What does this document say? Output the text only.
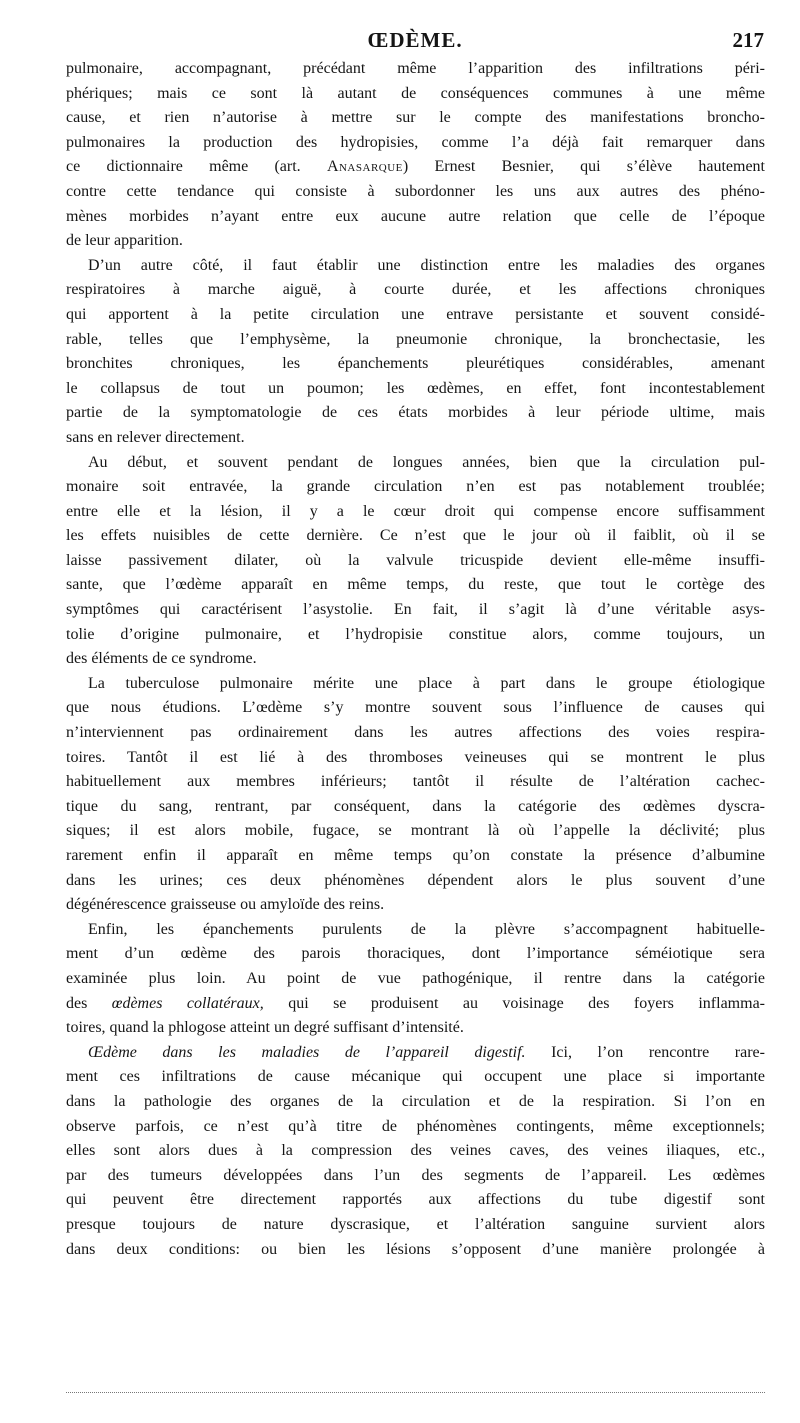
ŒDÈME.	217
pulmonaire, accompagnant, précédant même l’apparition des infiltrations péri-
phériques; mais ce sont là autant de conséquences communes à une même
cause, et rien n’autorise à mettre sur le compte des manifestations broncho-
pulmonaires la production des hydropisies, comme l’a déjà fait remarquer dans
ce dictionnaire même (art. Anasarque) Ernest Besnier, qui s’élève hautement
contre cette tendance qui consiste à subordonner les uns aux autres des phéno-
mènes morbides n’ayant entre eux aucune autre relation que celle de l’époque
de leur apparition.
D’un autre côté, il faut établir une distinction entre les maladies des organes
respiratoires à marche aiguë, à courte durée, et les affections chroniques
qui apportent à la petite circulation une entrave persistante et souvent considé-
rable, telles que l’emphysème, la pneumonie chronique, la bronchectasie, les
bronchites chroniques, les épanchements pleurétiques considérables, amenant
le collapsus de tout un poumon; les œdèmes, en effet, font incontestablement
partie de la symptomatologie de ces états morbides à leur période ultime, mais
sans en relever directement.
Au début, et souvent pendant de longues années, bien que la circulation pul-
monaire soit entravée, la grande circulation n’en est pas notablement troublée;
entre elle et la lésion, il y a le cœur droit qui compense encore suffisamment
les effets nuisibles de cette dernière. Ce n’est que le jour où il faiblit, où il se
laisse passivement dilater, où la valvule tricuspide devient elle-même insuffi-
sante, que l’œdème apparaît en même temps, du reste, que tout le cortège des
symptômes qui caractérisent l’asystolie. En fait, il s’agit là d’une véritable asys-
tolie d’origine pulmonaire, et l’hydropisie constitue alors, comme toujours, un
des éléments de ce syndrome.
La tuberculose pulmonaire mérite une place à part dans le groupe étiologique
que nous étudions. L’œdème s’y montre souvent sous l’influence de causes qui
n’interviennent pas ordinairement dans les autres affections des voies respira-
toires. Tantôt il est lié à des thromboses veineuses qui se montrent le plus
habituellement aux membres inférieurs; tantôt il résulte de l’altération cachec-
tique du sang, rentrant, par conséquent, dans la catégorie des œdèmes dyscra-
siques; il est alors mobile, fugace, se montrant là où l’appelle la déclivité; plus
rarement enfin il apparaît en même temps qu’on constate la présence d’albumine
dans les urines; ces deux phénomènes dépendent alors le plus souvent d’une
dégénérescence graisseuse ou amyloïde des reins.
Enfin, les épanchements purulents de la plèvre s’accompagnent habituelle-
ment d’un œdème des parois thoraciques, dont l’importance séméiotique sera
examinée plus loin. Au point de vue pathogénique, il rentre dans la catégorie
des œdèmes collatéraux, qui se produisent au voisinage des foyers inflamma-
toires, quand la phlogose atteint un degré suffisant d’intensité.
Œdème dans les maladies de l’appareil digestif. Ici, l’on rencontre rare-
ment ces infiltrations de cause mécanique qui occupent une place si importante
dans la pathologie des organes de la circulation et de la respiration. Si l’on en
observe parfois, ce n’est qu’à titre de phénomènes contingents, même exceptionnels;
elles sont alors dues à la compression des veines caves, des veines iliaques, etc.,
par des tumeurs développées dans l’un des segments de l’appareil. Les œdèmes
qui peuvent être directement rapportés aux affections du tube digestif sont
presque toujours de nature dyscrasique, et l’altération sanguine survient alors
dans deux conditions: ou bien les lésions s’opposent d’une manière prolongée à
